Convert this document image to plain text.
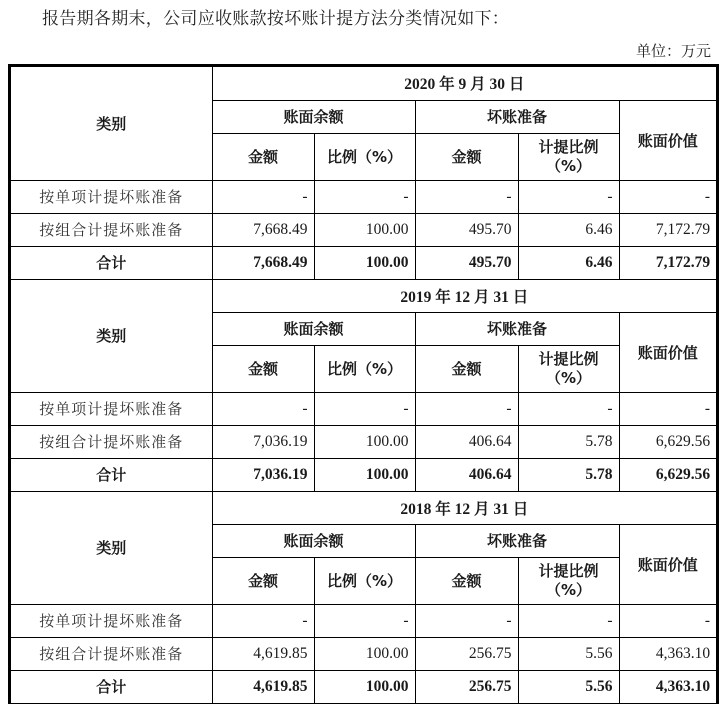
报告期各期末，公司应收账款按坏账计提方法分类情况如下：
单位：万元
类别	2020 年 9 月 30 日				
	账面余额		坏账准备		账面价值
	金额	比例（%）	金额	计提比例
（%）	
按单项计提坏账准备	-	-	-	-	-
按组合计提坏账准备	7,668.49	100.00	495.70	6.46	7,172.79
合计	7,668.49	100.00	495.70	6.46	7,172.79
类别	2019 年 12 月 31 日				
	账面余额		坏账准备		账面价值
	金额	比例（%）	金额	计提比例
（%）	
按单项计提坏账准备	-	-	-	-	-
按组合计提坏账准备	7,036.19	100.00	406.64	5.78	6,629.56
合计	7,036.19	100.00	406.64	5.78	6,629.56
类别	2018 年 12 月 31 日				
	账面余额		坏账准备		账面价值
	金额	比例（%）	金额	计提比例
（%）	
按单项计提坏账准备	-	-	-	-	-
按组合计提坏账准备	4,619.85	100.00	256.75	5.56	4,363.10
合计	4,619.85	100.00	256.75	5.56	4,363.10
